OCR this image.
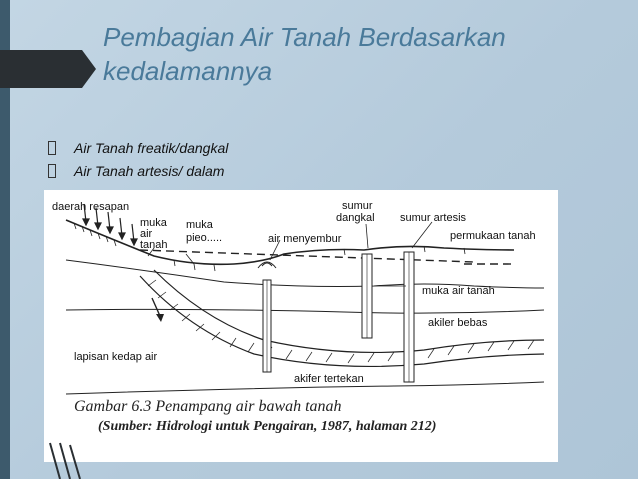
Pembagian Air Tanah Berdasarkan
kedalamannya
Air Tanah freatik/dangkal
Air Tanah artesis/ dalam
daerah resapan
muka
air
tanah
muka
pieo.....	air menyembur
sumur
dangkal sumur artesis
permukaan tanah
muka air tanah
akiler bebas
lapisan kedap air
akifer tertekan
Gambar 6.3 Penampang air bawah tanah
(Sumber: Hidrologi untuk Pengairan, 1987, halaman 212)
